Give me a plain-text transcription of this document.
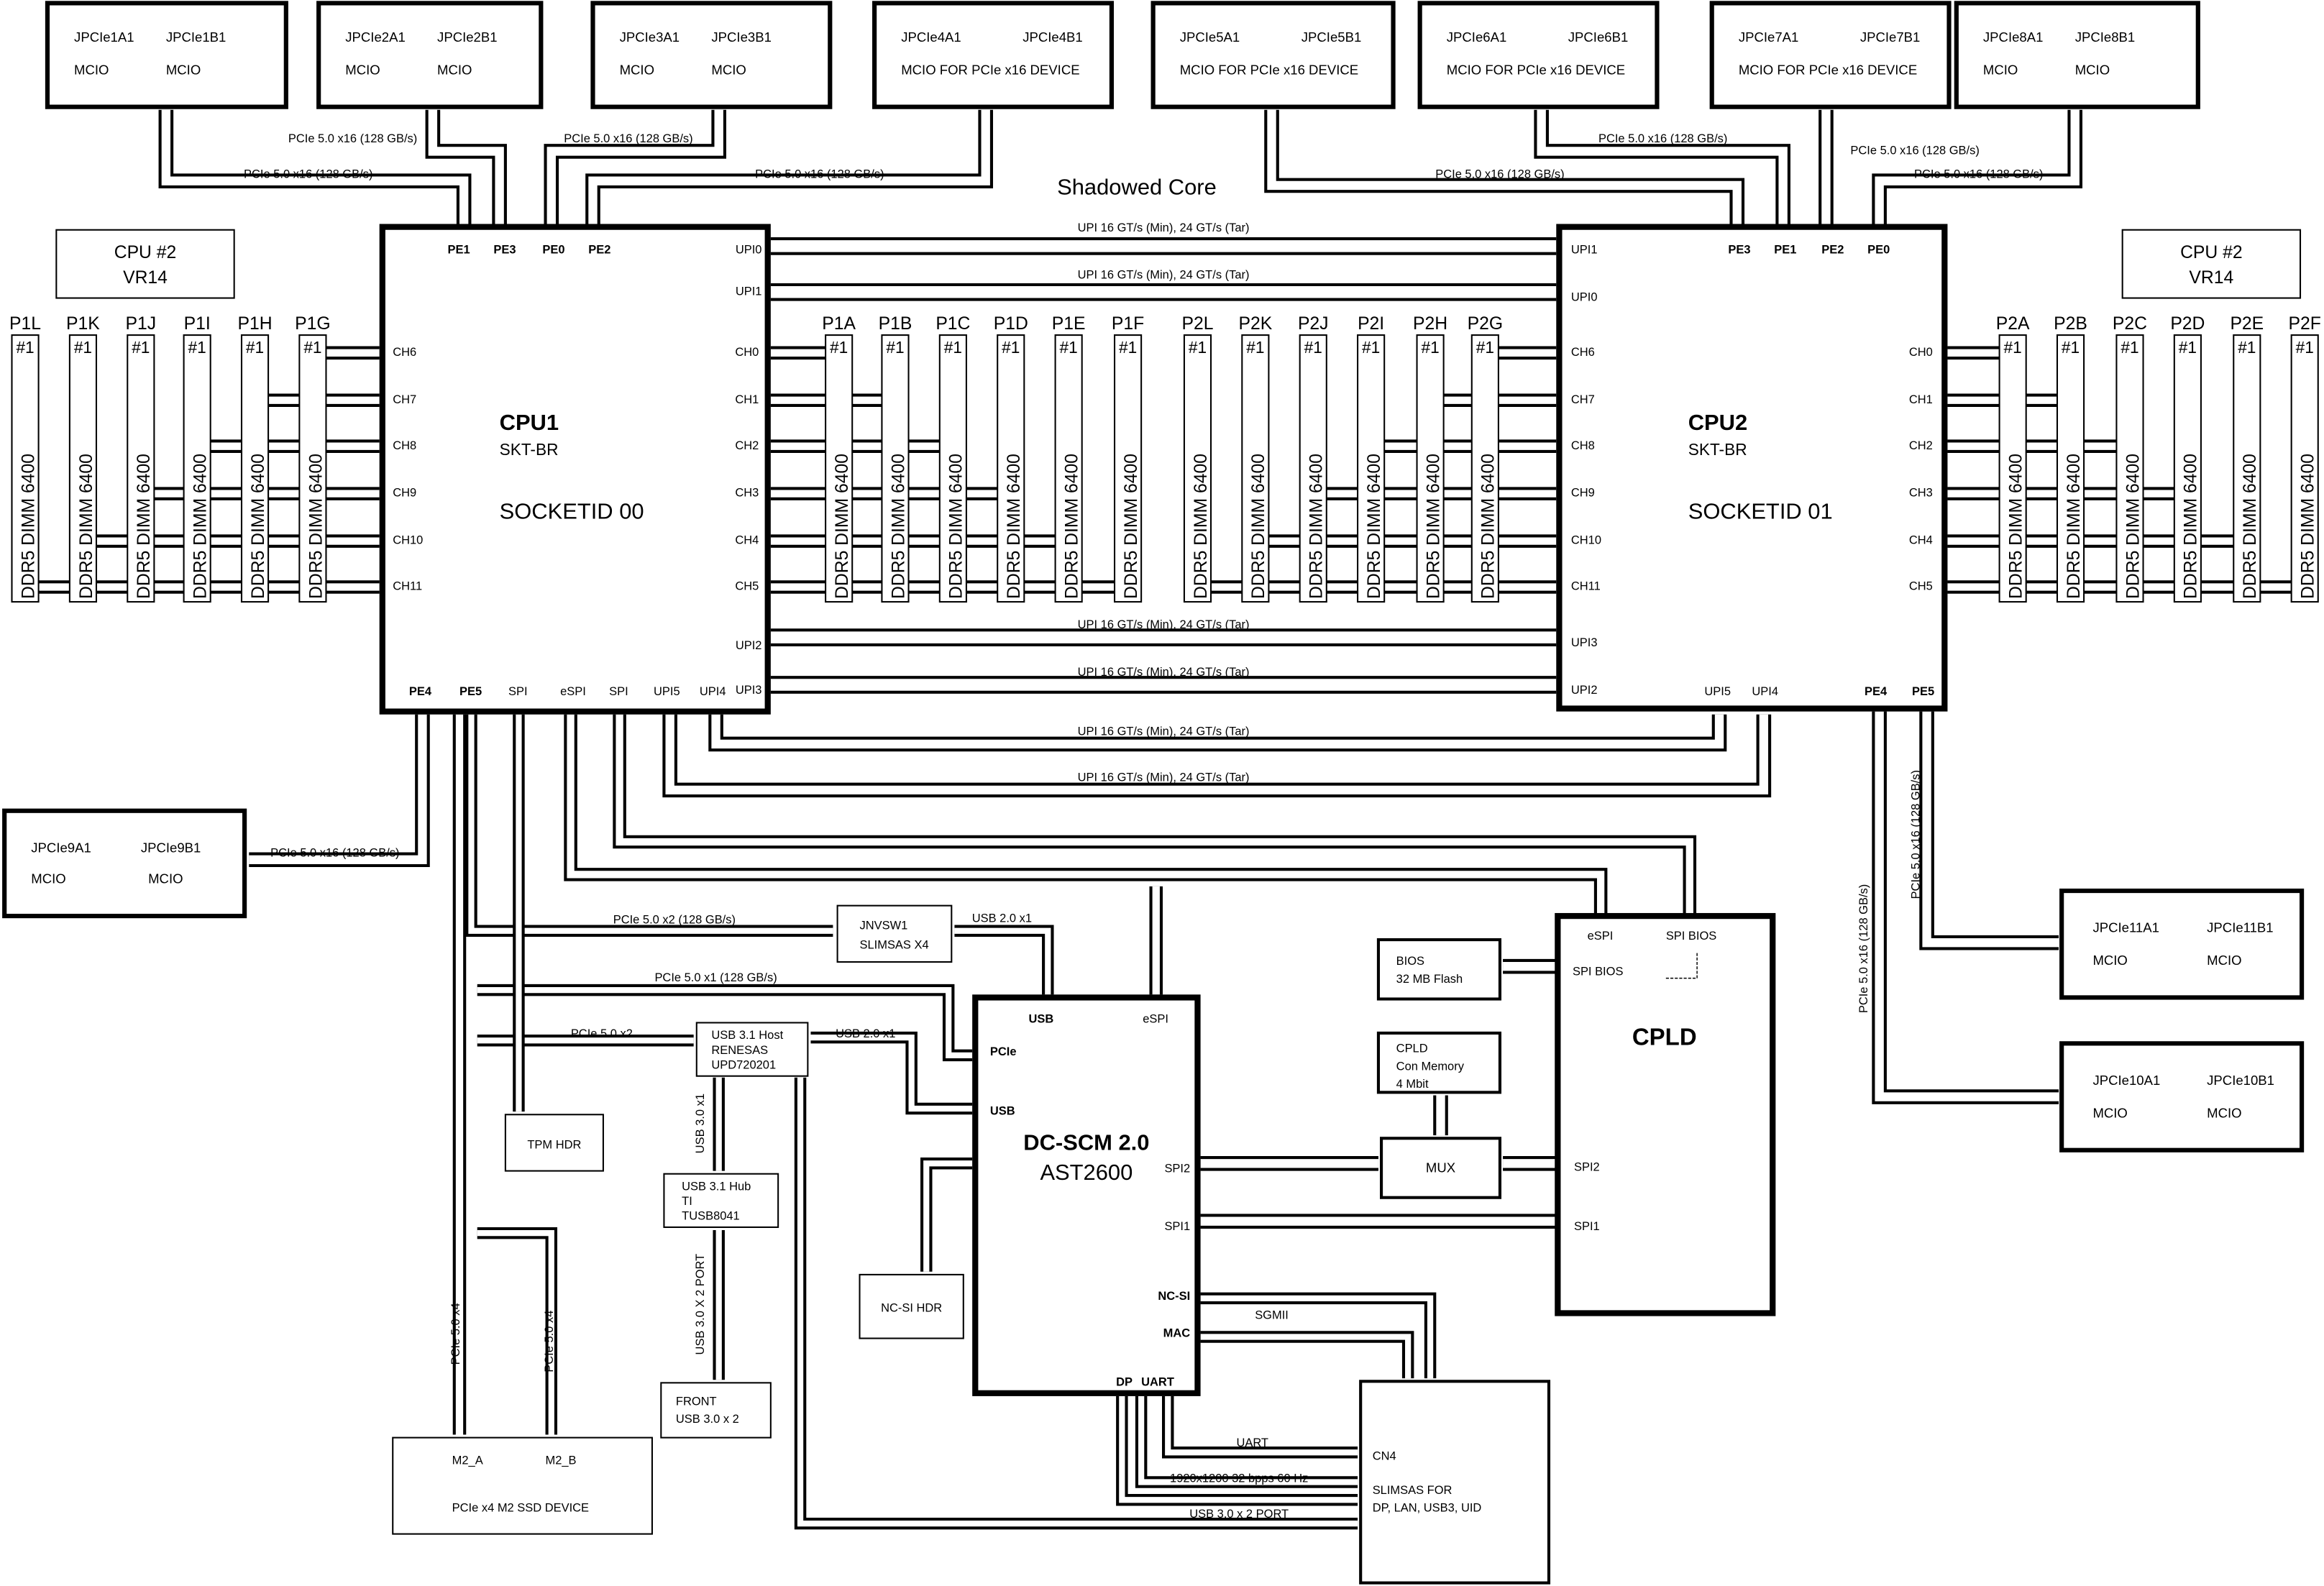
JPCIe1A1	JPCIe1B1
MCIO	MCIO
JPCIe2A1	JPCIe2B1
MCIO	MCIO
JPCIe3A1	JPCIe3B1
MCIO	MCIO
JPCIe4A1	JPCIe4B1
MCIO FOR PCIe x16 DEVICE
JPCIe5A1	JPCIe5B1
MCIO FOR PCIe x16 DEVICE
JPCIe6A1	JPCIe6B1
MCIO FOR PCIe x16 DEVICE
JPCIe7A1	JPCIe7B1
MCIO FOR PCIe x16 DEVICE
JPCIe8A1	JPCIe8B1
MCIO	MCIO
Shadowed Core
PCIe 5.0 x16 (128 GB/s)
PCIe 5.0 x16 (128 GB/s)	PCIe 5.0 x16 (128 GB/s)
PCIe 5.0 x16 (128 GB/s)	PCIe 5.0 x16 (128 GB/s)
PCIe 5.0 x16 (128 GB/s)
PCIe 5.0 x16 (128 GB/s)
PCIe 5.0 x16 (128 GB/s)
CPU #2
VR14
CPU #2
VR14
UPI 16 GT/s (Min), 24 GT/s (Tar)
UPI 16 GT/s (Min), 24 GT/s (Tar)
UPI 16 GT/s (Min), 24 GT/s (Tar)
UPI 16 GT/s (Min), 24 GT/s (Tar)
UPI 16 GT/s (Min), 24 GT/s (Tar)
UPI 16 GT/s (Min), 24 GT/s (Tar)
P1L
#1
DDR5 DIMM 6400
P1K
#1
DDR5 DIMM 6400
P1J
#1
DDR5 DIMM 6400
P1I
#1
DDR5 DIMM 6400
P1H
#1
DDR5 DIMM 6400
P1G
#1
DDR5 DIMM 6400
P1A
#1
DDR5 DIMM 6400
P1B
#1
DDR5 DIMM 6400
P1C
#1
DDR5 DIMM 6400
P1D
#1
DDR5 DIMM 6400
P1E
#1
DDR5 DIMM 6400
P1F
#1
DDR5 DIMM 6400
P2L
#1
DDR5 DIMM 6400
P2K
#1
DDR5 DIMM 6400
P2J
#1
DDR5 DIMM 6400
P2I
#1
DDR5 DIMM 6400
P2H
#1
DDR5 DIMM 6400
P2G
#1
DDR5 DIMM 6400
P2A
#1
DDR5 DIMM 6400
P2B
#1
DDR5 DIMM 6400
P2C
#1
DDR5 DIMM 6400
P2D
#1
DDR5 DIMM 6400
P2E
#1
DDR5 DIMM 6400
P2F
#1
DDR5 DIMM 6400
CPU1
SKT-BR
SOCKETID 00
CPU2
SKT-BR
SOCKETID 01
PE1	PE3	PE0	PE2	PE3	PE1	PE2	PE0
UPI0
UPI1
UPI2
UPI3
UPI1
UPI0
UPI3
UPI2
CH6	CH0	CH6	CH0
CH7	CH1	CH7	CH1
CH8	CH2	CH8	CH2
CH9	CH3	CH9	CH3
CH10	CH4	CH10	CH4
CH11	CH5	CH11	CH5
PE4	PE5	SPI	eSPI	SPI	UPI5	UPI4	UPI5	UPI4	PE4	PE5
JPCIe9A1	JPCIe9B1
MCIO	MCIO
PCIe 5.0 x16 (128 GB/s)
JPCIe11A1	JPCIe11B1
MCIO	MCIO
JPCIe10A1	JPCIe10B1
MCIO	MCIO
PCIe 5.0 x16 (128 GB/s)
PCIe 5.0 x16 (128 GB/s)
JNVSW1
SLIMSAS X4
USB 3.1 Host
RENESAS
UPD720201
TPM HDR
USB 3.1 Hub
TI
TUSB8041
NC-SI HDR
FRONT
USB 3.0 x 2
M2_A	M2_B
PCIe x4 M2 SSD DEVICE
PCIe 5.0 x4	PCIe 5.0 x4
PCIe 5.0 x2 (128 GB/s)
PCIe 5.0 x1 (128 GB/s)
PCIe 5.0 x2
USB 2.0 x1
USB 2.0 x1
USB 3.0 x1
USB 3.0 X 2 PORT
DC-SCM 2.0
AST2600
USB	eSPI
PCIe
USB
SPI2
SPI1
NC-SI
MAC
DP UART
BIOS
32 MB Flash
CPLD
Con Memory
4 Mbit
MUX
CPLD
eSPI	SPI BIOS
SPI BIOS
SPI2
SPI1
CN4
SLIMSAS FOR
DP, LAN, USB3, UID
SGMII
UART
1920x1200 32 bpps 60 Hz
USB 3.0 x 2 PORT
